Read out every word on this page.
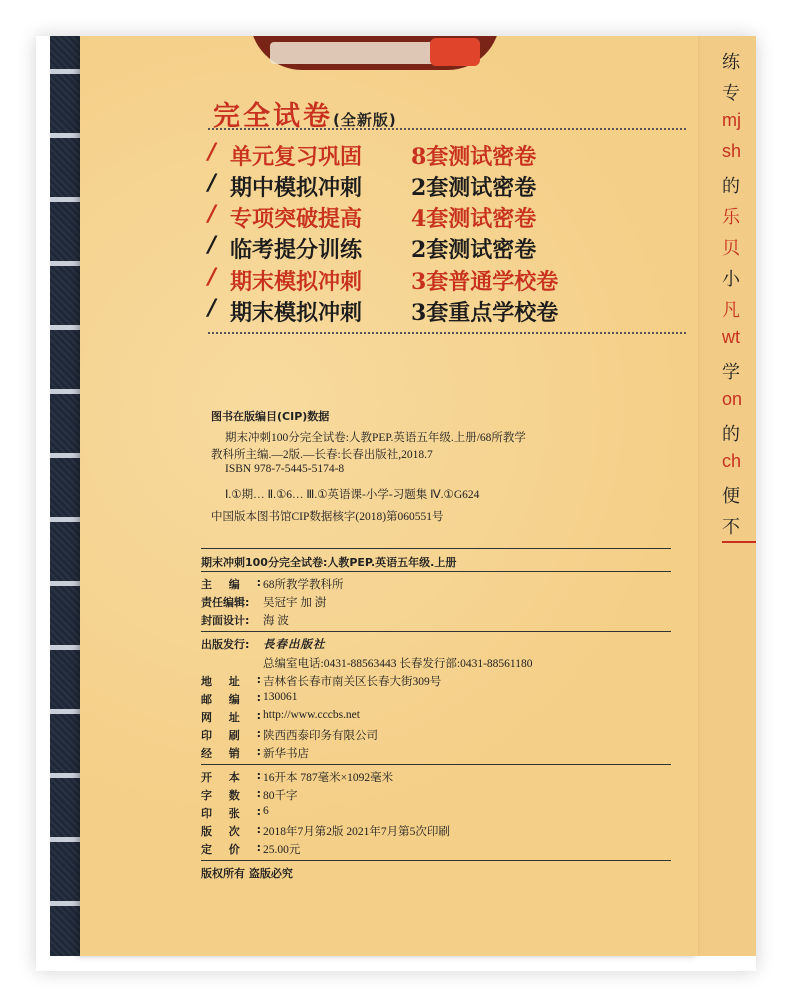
练
专
mj
sh
的
乐
贝
小
凡
wt
学
on
的
ch
便
不
完全试卷(全新版)
/ 单元复习巩固 8套测试密卷
/ 期中模拟冲刺 2套测试密卷
/ 专项突破提高 4套测试密卷
/ 临考提分训练 2套测试密卷
/ 期末模拟冲刺 3套普通学校卷
/ 期末模拟冲刺 3套重点学校卷
图书在版编目(CIP)数据
期末冲刺100分完全试卷:人教PEP.英语五年级.上册/68所教学
教科所主编.—2版.—长春:长春出版社,2018.7
ISBN 978-7-5445-5174-8
Ⅰ.①期… Ⅱ.①6… Ⅲ.①英语课-小学-习题集 Ⅳ.①G624
中国版本图书馆CIP数据核字(2018)第060551号
期末冲刺100分完全试卷:人教PEP.英语五年级.上册
主 编 : 68所教学教科所
责任编辑:	吴冠宇 加 澍
封面设计:	海 波
出版发行:	長春出版社
总编室电话:0431-88563443 长春发行部:0431-88561180
地 址 : 吉林省长春市南关区长春大街309号
邮 编 : 130061
网 址 : http://www.cccbs.net
印 刷 : 陕西西泰印务有限公司
经 销 : 新华书店
开 本 : 16开本 787毫米×1092毫米
字 数 : 80千字
印 张 : 6
版 次 : 2018年7月第2版 2021年7月第5次印刷
定 价 : 25.00元
版权所有 盗版必究
